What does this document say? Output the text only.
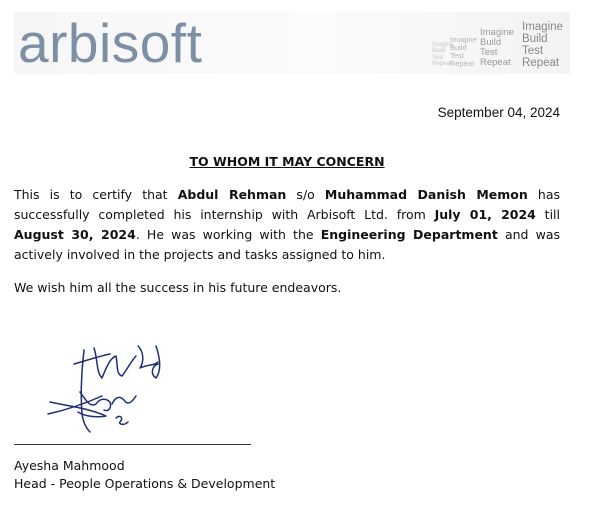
arbisoft	Imagine
Build
Test
Repeat
Imagine
Build
Test
Repeat
Imagine
Build
Test
Repeat
Imagine
Build
Test
Repeat
September 04, 2024
TO WHOM IT MAY CONCERN

This is to certify that Abdul Rehman s/o Muhammad Danish Memon has successfully completed his internship with Arbisoft Ltd. from July 01, 2024 till August 30, 2024. He was working with the Engineering Department and was actively involved in the projects and tasks assigned to him.

We wish him all the success in his future endeavors.

Ayesha Mahmood
Head - People Operations & Development
